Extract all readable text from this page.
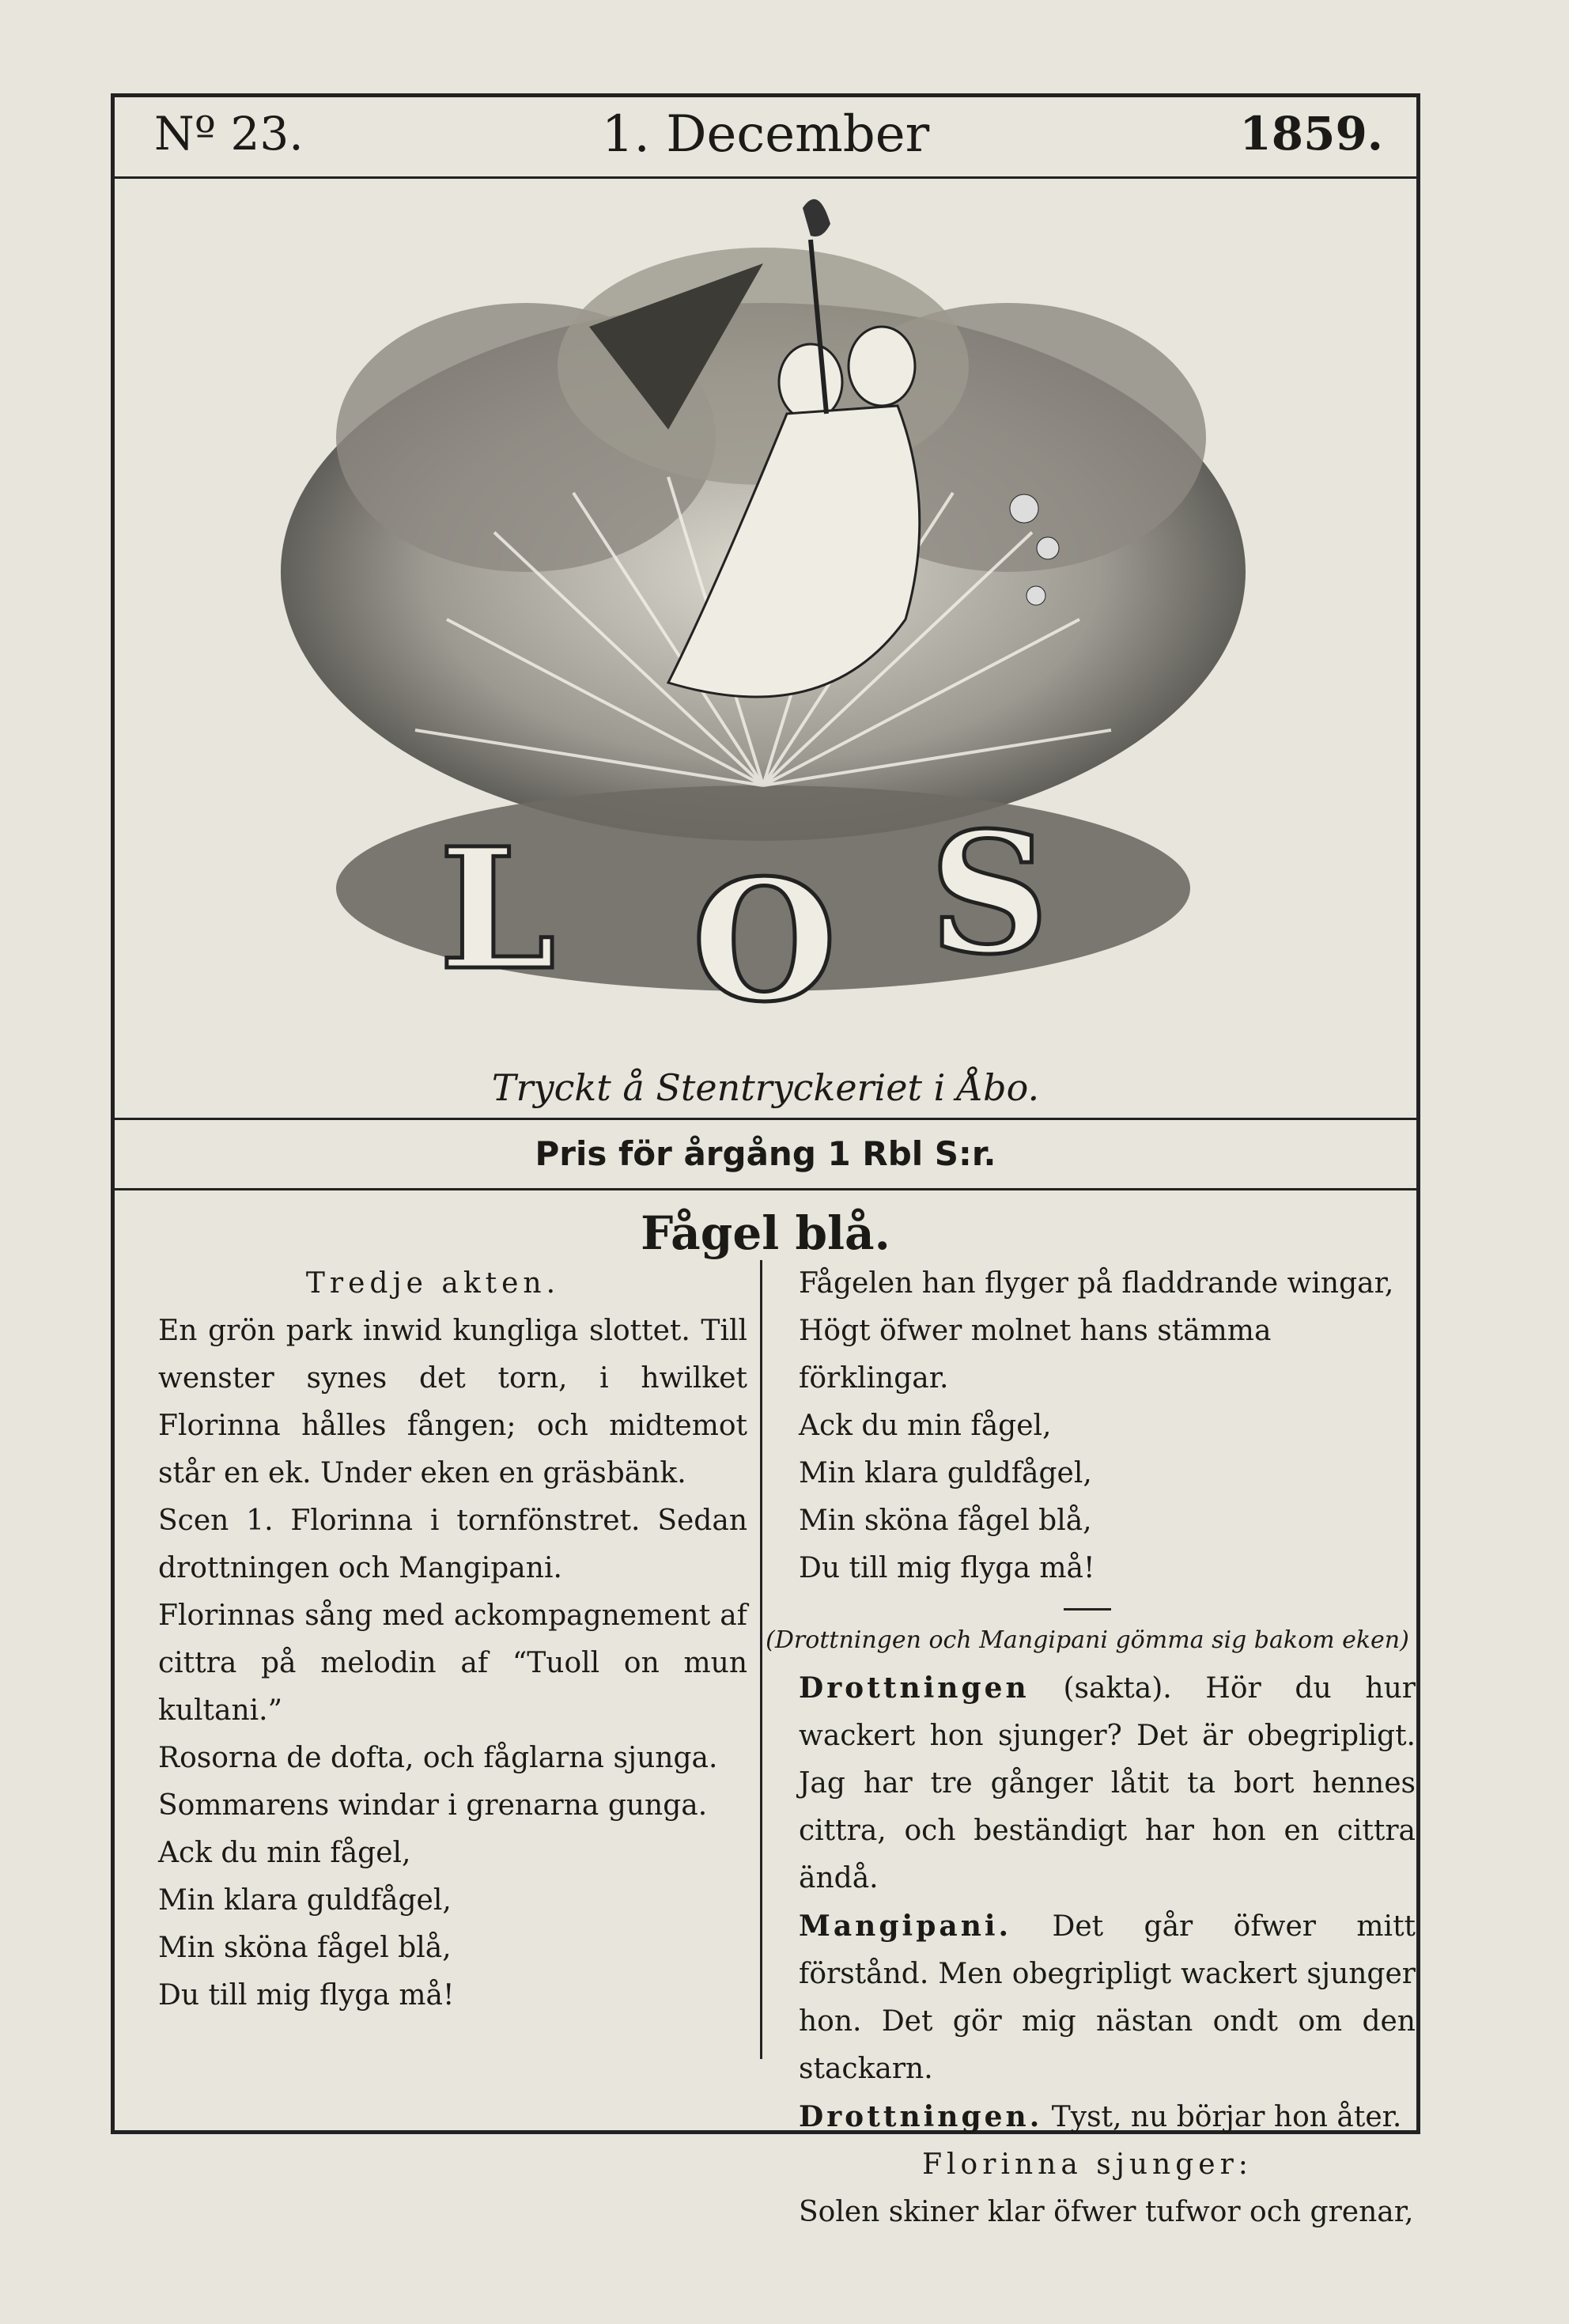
Nº 23.	1. December	1859.
L O S
Tryckt å Stentryckeriet i Åbo.
Pris för årgång 1 Rbl S:r.
Fågel blå.
Tredje akten.
En grön park inwid kungliga slottet. Till wenster synes det torn, i hwilket Florinna hålles fången; och midtemot står en ek. Under eken en gräsbänk.
Scen 1. Florinna i tornfönstret. Sedan drottningen och Mangipani.
Florinnas sång med ackompagnement af cittra på melodin af “Tuoll on mun kultani.”
Rosorna de dofta, och fåglarna sjunga.
Sommarens windar i grenarna gunga.
Ack du min fågel,
Min klara guldfågel,
Min sköna fågel blå,
Du till mig flyga må!
Fågelen han flyger på fladdrande wingar,
Högt öfwer molnet hans stämma förklingar.
Ack du min fågel,
Min klara guldfågel,
Min sköna fågel blå,
Du till mig flyga må!
(Drottningen och Mangipani gömma sig bakom eken)
Drottningen (sakta). Hör du hur wackert hon sjunger? Det är obegripligt. Jag har tre gånger låtit ta bort hennes cittra, och beständigt har hon en cittra ändå.
Mangipani. Det går öfwer mitt förstånd. Men obegripligt wackert sjunger hon. Det gör mig nästan ondt om den stackarn.
Drottningen. Tyst, nu börjar hon åter.
Florinna sjunger:
Solen skiner klar öfwer tufwor och grenar,
